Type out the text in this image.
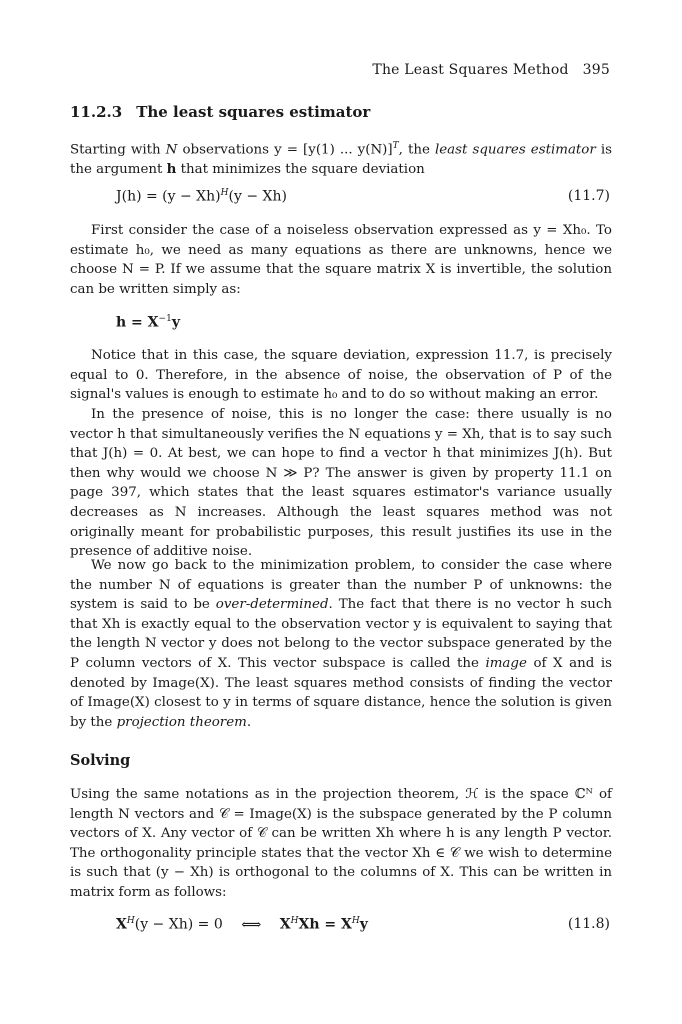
The Least Squares Method 395
11.2.3 The least squares estimator
Starting with N observations y = [y(1) ... y(N)]$^T$, the least squares estimator is the argument h that minimizes the square deviation
$J(h) = (y - Xh)^H(y - Xh)$	(11.7)
First consider the case of a noiseless observation expressed as y = Xh₀. To estimate h₀, we need as many equations as there are unknowns, hence we choose N = P. If we assume that the square matrix X is invertible, the solution can be written simply as:
$h = X^{-1}y$
Notice that in this case, the square deviation, expression 11.7, is precisely equal to 0. Therefore, in the absence of noise, the observation of P of the signal's values is enough to estimate h₀ and to do so without making an error.
In the presence of noise, this is no longer the case: there usually is no vector h that simultaneously verifies the N equations y = Xh, that is to say such that J(h) = 0. At best, we can hope to find a vector h that minimizes J(h). But then why would we choose N ≫ P? The answer is given by property 11.1 on page 397, which states that the least squares estimator's variance usually decreases as N increases. Although the least squares method was not originally meant for probabilistic purposes, this result justifies its use in the presence of additive noise.
We now go back to the minimization problem, to consider the case where the number N of equations is greater than the number P of unknowns: the system is said to be over-determined. The fact that there is no vector h such that Xh is exactly equal to the observation vector y is equivalent to saying that the length N vector y does not belong to the vector subspace generated by the P column vectors of X. This vector subspace is called the image of X and is denoted by Image(X). The least squares method consists of finding the vector of Image(X) closest to y in terms of square distance, hence the solution is given by the projection theorem.
Solving
Using the same notations as in the projection theorem, ℋ is the space ℂᴺ of length N vectors and 𝒞 = Image(X) is the subspace generated by the P column vectors of X. Any vector of 𝒞 can be written Xh where h is any length P vector. The orthogonality principle states that the vector Xh ∈ 𝒞 we wish to determine is such that (y − Xh) is orthogonal to the columns of X. This can be written in matrix form as follows:
$X^H(y - Xh) = 0$ ⟺ $X^HXh = X^Hy$	(11.8)
